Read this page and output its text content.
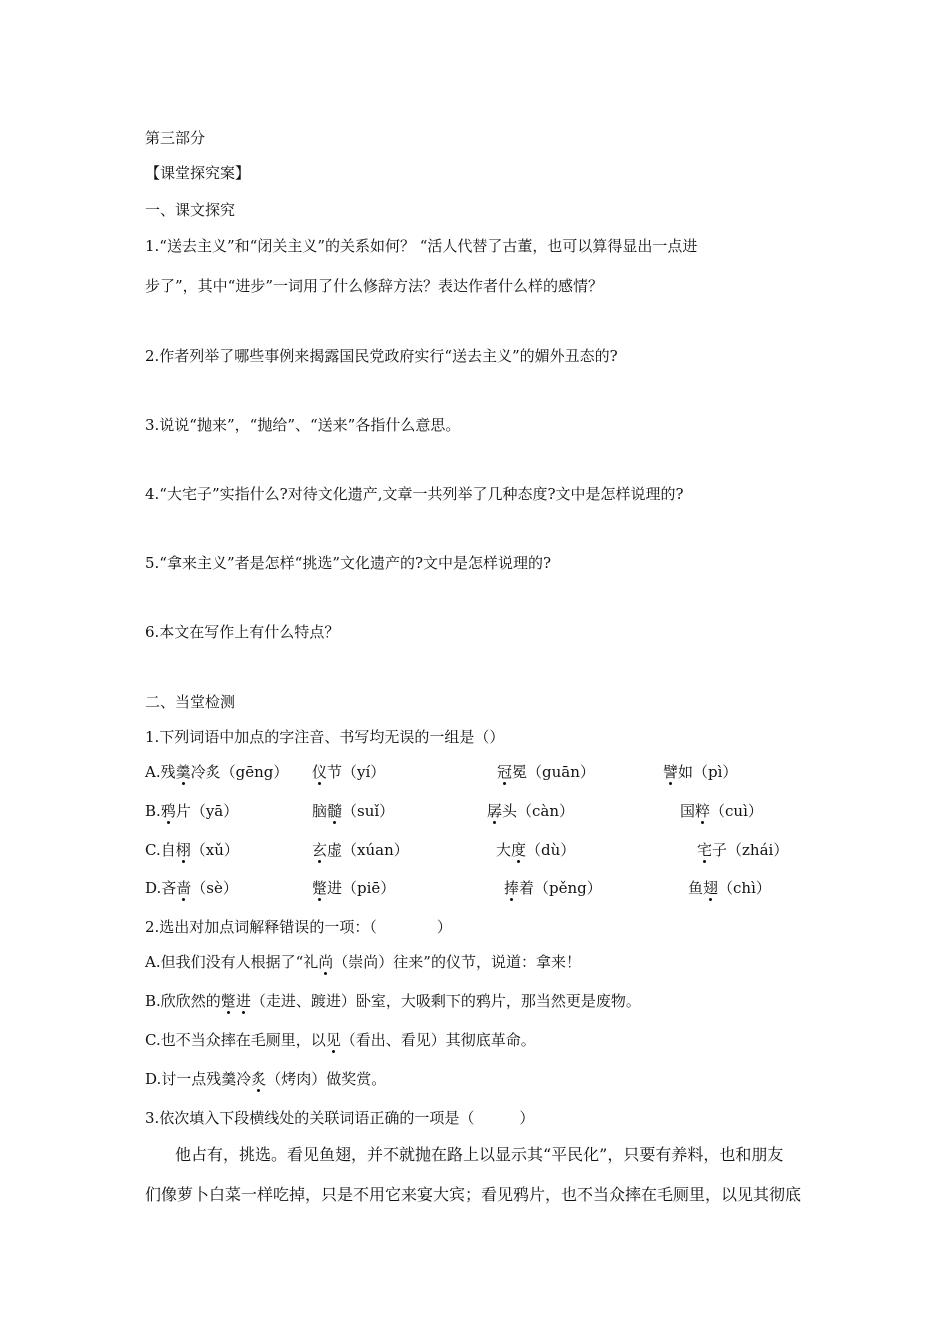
第三部分
【课堂探究案】
一、课文探究
1.“送去主义”和“闭关主义”的关系如何？ “活人代替了古董，也可以算得显出一点进
步了”，其中“进步”一词用了什么修辞方法？表达作者什么样的感情？
2.作者列举了哪些事例来揭露国民党政府实行“送去主义”的媚外丑态的?
3.说说“抛来”，“抛给”、“送来”各指什么意思。
4.“大宅子”实指什么?对待文化遗产,文章一共列举了几种态度?文中是怎样说理的?
5.“拿来主义”者是怎样“挑选”文化遗产的?文中是怎样说理的?
6.本文在写作上有什么特点？
二、当堂检测
1.下列词语中加点的字注音、书写均无误的一组是（）
A.残羹冷炙（gēng） 仪节（yí）	冠冕（guān）	譬如（pì）
B.鸦片（yā）	脑髓（suǐ）	孱头（càn）	国粹（cuì）
C.自栩（xǔ）	玄虚（xúan）	大度（dù）	宅子（zhái）
D.吝啬（sè）	蹩进（piē）	捧着（pěng）	鱼翅（chì）
2.选出对加点词解释错误的一项：（　　　　）
A.但我们没有人根据了“礼尚（崇尚）往来”的仪节，说道：拿来！
B.欣欣然的蹩进（走进、踱进）卧室，大吸剩下的鸦片，那当然更是废物。
C.也不当众摔在毛厕里，以见（看出、看见）其彻底革命。
D.讨一点残羹冷炙（烤肉）做奖赏。
3.依次填入下段横线处的关联词语正确的一项是（　　　）
他占有，挑选。看见鱼翅，并不就抛在路上以显示其“平民化”，只要有养料，也和朋友
们像萝卜白菜一样吃掉，只是不用它来宴大宾；看见鸦片，也不当众摔在毛厕里，以见其彻底
